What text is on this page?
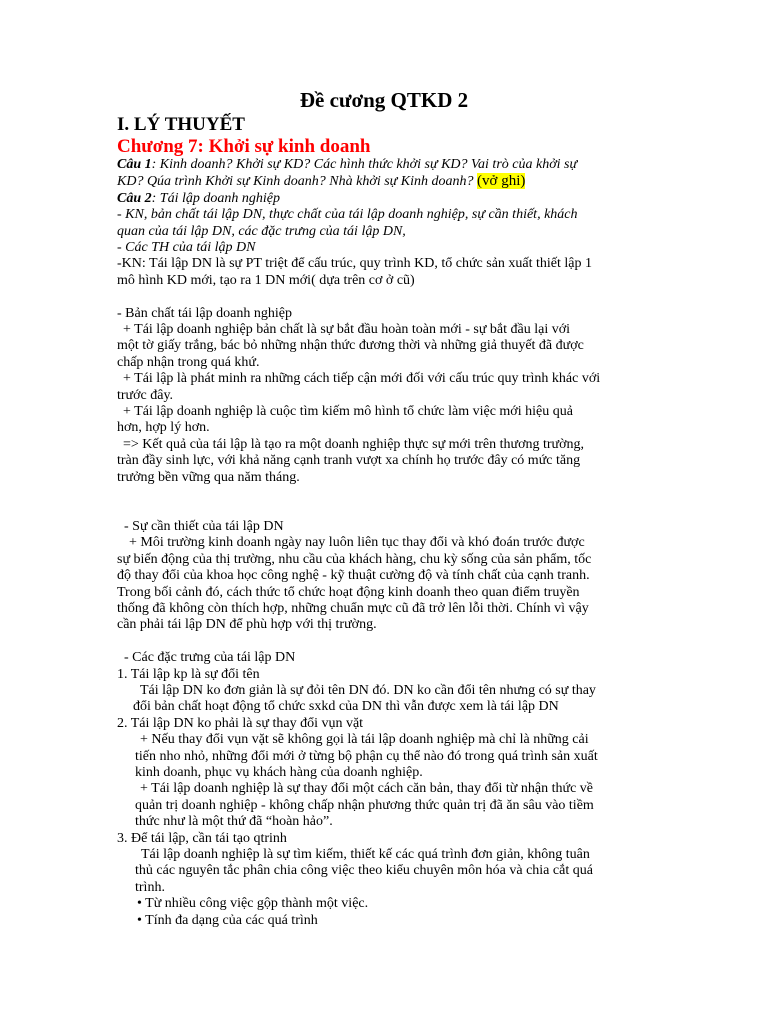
Đề cương QTKD 2
I. LÝ THUYẾT
Chương 7: Khởi sự kinh doanh

Câu 1: Kinh doanh? Khởi sự KD? Các hình thức khởi sự KD? Vai trò của khởi sự

KD? Qúa trình Khởi sự Kinh doanh? Nhà khởi sự Kinh doanh? (vở ghi)

Câu 2: Tái lập doanh nghiệp

- KN, bản chất tái lập DN, thực chất của tái lập doanh nghiệp, sự cần thiết, khách

quan của tái lập DN, các đặc trưng của tái lập DN,

- Các TH của tái lập DN

-KN: Tái lập DN là sự PT triệt để cấu trúc, quy trình KD, tổ chức sản xuất thiết lập 1

mô hình KD mới, tạo ra 1 DN mới( dựa trên cơ ở cũ)

- Bản chất tái lập doanh nghiệp

+ Tái lập doanh nghiệp bản chất là sự bắt đầu hoàn toàn mới - sự bắt đầu lại với

một tờ giấy trắng, bác bỏ những nhận thức đương thời và những giả thuyết đã được

chấp nhận trong quá khứ.

+ Tái lập là phát minh ra những cách tiếp cận mới đối với cấu trúc quy trình khác với

trước đây.

+ Tái lập doanh nghiệp là cuộc tìm kiếm mô hình tổ chức làm việc mới hiệu quả

hơn, hợp lý hơn.

=> Kết quả của tái lập là tạo ra một doanh nghiệp thực sự mới trên thương trường,

tràn đầy sinh lực, với khả năng cạnh tranh vượt xa chính họ trước đây có mức tăng

trưởng bền vững qua năm tháng.

- Sự cần thiết của tái lập DN

+ Môi trường kinh doanh ngày nay luôn liên tục thay đổi và khó đoán trước được

sự biến động của thị trường, nhu cầu của khách hàng, chu kỳ sống của sản phẩm, tốc

độ thay đổi của khoa học công nghệ - kỹ thuật cường độ và tính chất của cạnh tranh.

Trong bối cảnh đó, cách thức tổ chức hoạt động kinh doanh theo quan điểm truyền

thống đã không còn thích hợp, những chuẩn mực cũ đã trở lên lỗi thời. Chính vì vậy

cần phải tái lập DN để phù hợp với thị trường.

- Các đặc trưng của tái lập DN

1. Tái lập kp là sự đổi tên

Tái lập DN ko đơn giản là sự đỏi tên DN đó. DN ko cần đổi tên nhưng có sự thay

đổi bản chất hoạt động tổ chức sxkd của DN thì vẫn được xem là tái lập DN

2. Tái lập DN ko phải là sự thay đổi vụn vặt

+ Nếu thay đổi vụn vặt sẽ không gọi là tái lập doanh nghiệp mà chỉ là những cải

tiến nho nhỏ, những đổi mới ở từng bộ phận cụ thể nào đó trong quá trình sản xuất

kinh doanh, phục vụ khách hàng của doanh nghiệp.

+ Tái lập doanh nghiệp là sự thay đổi một cách căn bản, thay đổi từ nhận thức về

quản trị doanh nghiệp - không chấp nhận phương thức quản trị đã ăn sâu vào tiềm

thức như là một thứ đã “hoàn hảo”.

3. Để tái lập, cần tái tạo qtrinh

Tái lập doanh nghiệp là sự tìm kiếm, thiết kế các quá trình đơn giản, không tuân

thủ các nguyên tắc phân chia công việc theo kiểu chuyên môn hóa và chia cắt quá

trình.

• Từ nhiều công việc gộp thành một việc.

• Tính đa dạng của các quá trình
